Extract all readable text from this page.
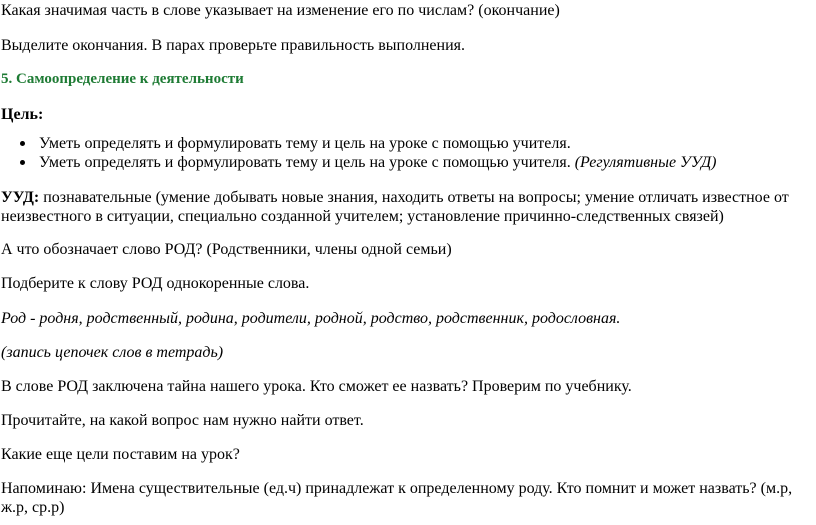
Какая значимая часть в слове указывает на изменение его по числам? (окончание)

Выделите окончания. В парах проверьте правильность выполнения.

5. Самоопределение к деятельности

Цель:

Уметь определять и формулировать тему и цель на уроке с помощью учителя.
Уметь определять и формулировать тему и цель на уроке с помощью учителя. (Регулятивные УУД)

УУД: познавательные (умение добывать новые знания, находить ответы на вопросы; умение отличать известное от неизвестного в ситуации, специально созданной учителем; установление причинно-следственных связей)

А что обозначает слово РОД? (Родственники, члены одной семьи)

Подберите к слову РОД однокоренные слова.

Род - родня, родственный, родина, родители, родной, родство, родственник, родословная.

(запись цепочек слов в тетрадь)

В слове РОД заключена тайна нашего урока. Кто сможет ее назвать? Проверим по учебнику.

Прочитайте, на какой вопрос нам нужно найти ответ.

Какие еще цели поставим на урок?

Напоминаю: Имена существительные (ед.ч) принадлежат к определенному роду. Кто помнит и может назвать? (м.р, ж.р, ср.р)
